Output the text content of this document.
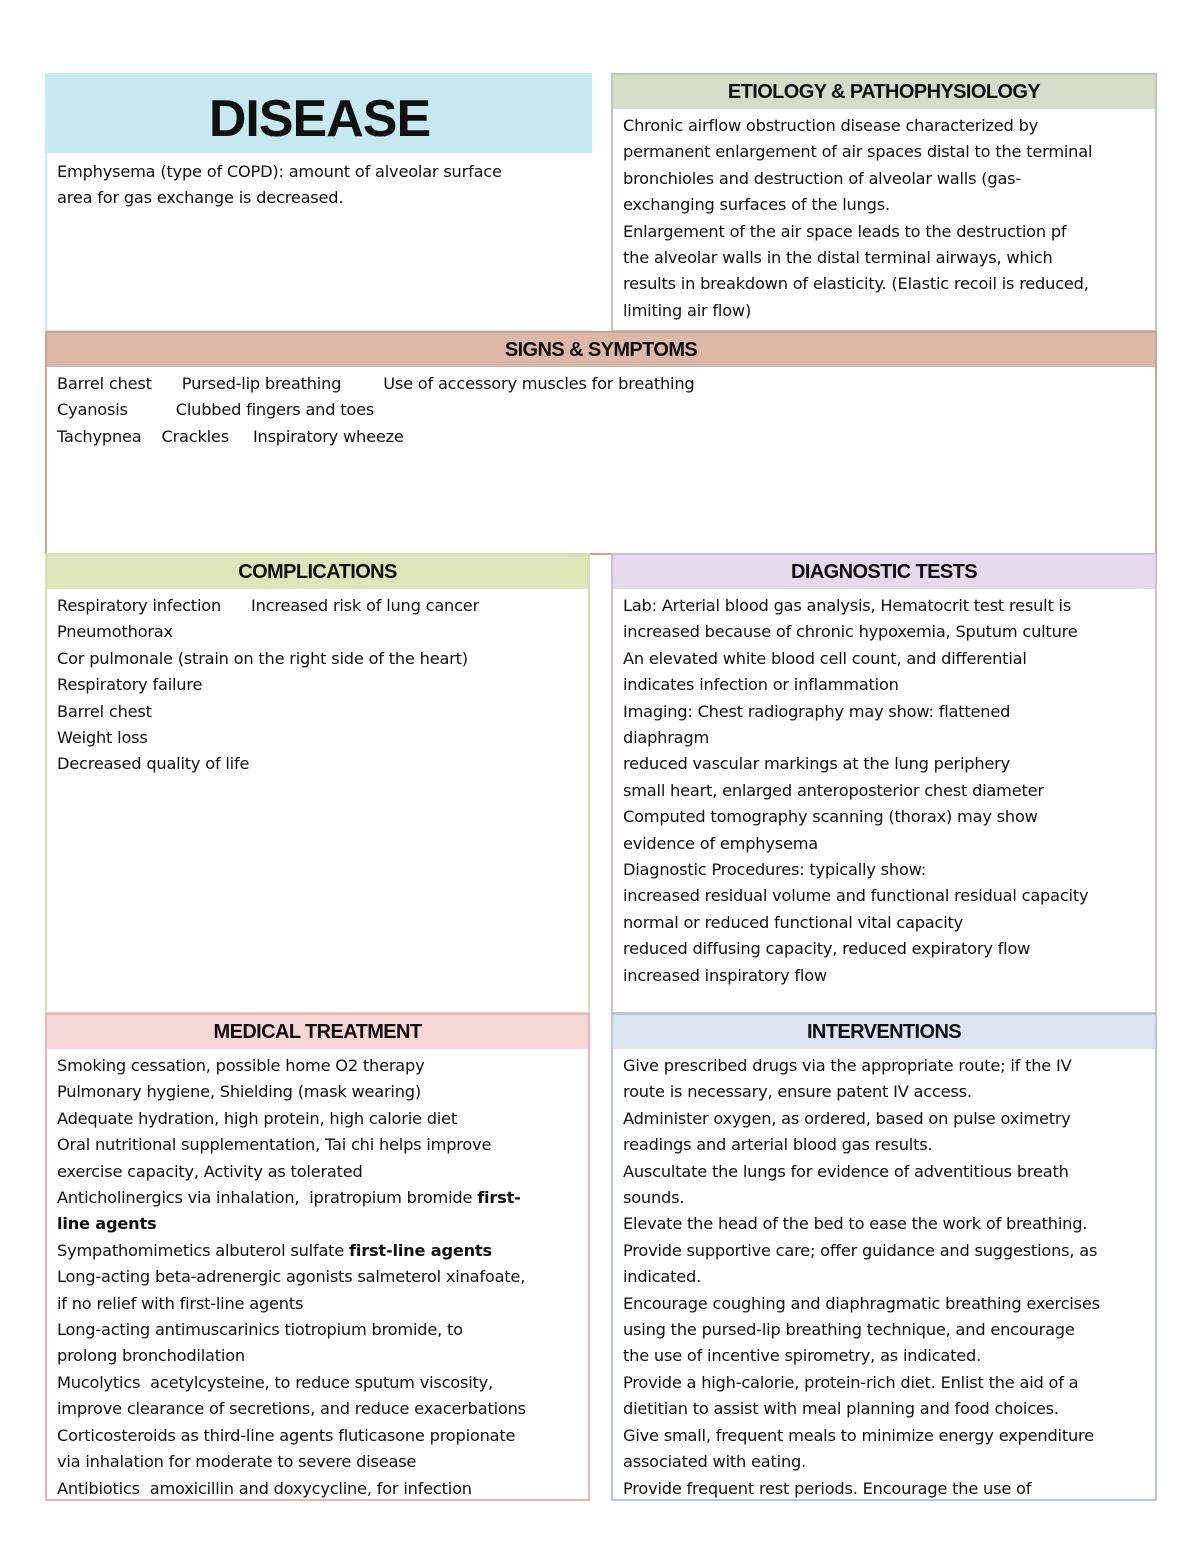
DISEASE
Emphysema (type of COPD): amount of alveolar surface
area for gas exchange is decreased.
ETIOLOGY & PATHOPHYSIOLOGY
Chronic airflow obstruction disease characterized by
permanent enlargement of air spaces distal to the terminal
bronchioles and destruction of alveolar walls (gas-
exchanging surfaces of the lungs.
Enlargement of the air space leads to the destruction pf
the alveolar walls in the distal terminal airways, which
results in breakdown of elasticity. (Elastic recoil is reduced,
limiting air flow)
SIGNS & SYMPTOMS
Barrel chest Pursed-lip breathing	Use of accessory muscles for breathing
Cyanosis	Clubbed fingers and toes
Tachypnea Crackles Inspiratory wheeze
COMPLICATIONS
Respiratory infection Increased risk of lung cancer
Pneumothorax
Cor pulmonale (strain on the right side of the heart)
Respiratory failure
Barrel chest
Weight loss
Decreased quality of life
DIAGNOSTIC TESTS
Lab: Arterial blood gas analysis, Hematocrit test result is
increased because of chronic hypoxemia, Sputum culture
An elevated white blood cell count, and differential
indicates infection or inflammation
Imaging: Chest radiography may show: flattened
diaphragm
reduced vascular markings at the lung periphery
small heart, enlarged anteroposterior chest diameter
Computed tomography scanning (thorax) may show
evidence of emphysema
Diagnostic Procedures: typically show:
increased residual volume and functional residual capacity
normal or reduced functional vital capacity
reduced diffusing capacity, reduced expiratory flow
increased inspiratory flow
MEDICAL TREATMENT
Smoking cessation, possible home O2 therapy
Pulmonary hygiene, Shielding (mask wearing)
Adequate hydration, high protein, high calorie diet
Oral nutritional supplementation, Tai chi helps improve
exercise capacity, Activity as tolerated
Anticholinergics via inhalation,  ipratropium bromide first-
line agents
Sympathomimetics albuterol sulfate first-line agents
Long-acting beta-adrenergic agonists salmeterol xinafoate,
if no relief with first-line agents
Long-acting antimuscarinics tiotropium bromide, to
prolong bronchodilation
Mucolytics  acetylcysteine, to reduce sputum viscosity,
improve clearance of secretions, and reduce exacerbations
Corticosteroids as third-line agents fluticasone propionate
via inhalation for moderate to severe disease
Antibiotics  amoxicillin and doxycycline, for infection
INTERVENTIONS
Give prescribed drugs via the appropriate route; if the IV
route is necessary, ensure patent IV access.
Administer oxygen, as ordered, based on pulse oximetry
readings and arterial blood gas results.
Auscultate the lungs for evidence of adventitious breath
sounds.
Elevate the head of the bed to ease the work of breathing.
Provide supportive care; offer guidance and suggestions, as
indicated.
Encourage coughing and diaphragmatic breathing exercises
using the pursed-lip breathing technique, and encourage
the use of incentive spirometry, as indicated.
Provide a high-calorie, protein-rich diet. Enlist the aid of a
dietitian to assist with meal planning and food choices.
Give small, frequent meals to minimize energy expenditure
associated with eating.
Provide frequent rest periods. Encourage the use of
